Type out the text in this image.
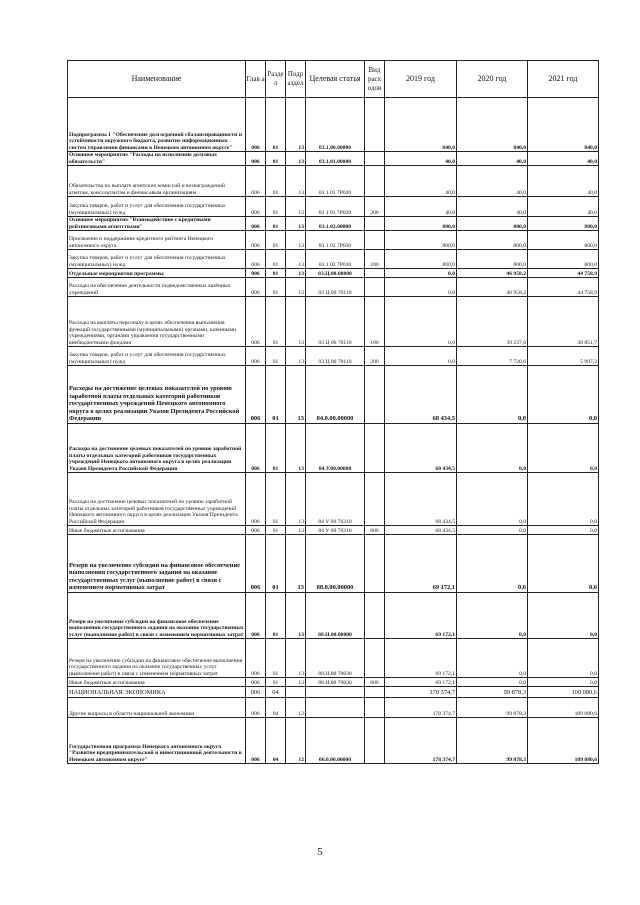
Наименование	Глав а	Разде л	Подр аздел	Целевая статья	Вид расх одов	2019 год	2020 год	2021 год
Подпрограмма 1 "Обеспечение долгосрочной сбалансированности и устойчивости окружного бюджета, развитие информационных систем управления финансами в Ненецком автономном округе"	006	01	13	03.1.00.00000		840,0	840,0	840,0
Основное мероприятие "Расходы на исполнение долговых обязательств"	006	01	13	03.1.01.00000		40,0	40,0	40,0
Обязательства по выплате агентских комиссий и вознаграждений агентам, консультантам и финансовым организациям	006	01	13	03 1 01 7Р020		40,0	40,0	40,0
Закупка товаров, работ и услуг для обеспечения государственных (муниципальных) нужд	006	01	13	03 1 01 7Р020	200	40,0	40,0	40,0
Основное мероприятие "Взаимодействие с кредитными рейтинговыми агентствами"	006	01	13	03.1.02.00000		800,0	800,0	800,0
Присвоение и поддержание кредитного рейтинга Ненецкого автономного округа	006	01	13	03 1 02 7Р030		800,0	800,0	800,0
Закупка товаров, работ и услуг для обеспечения государственных (муниципальных) нужд	006	01	13	03 1 02 7Р030	200	800,0	800,0	800,0
Отдельные мероприятия программы	006	01	13	03.Ц.00.00000		0,0	46 958,2	44 758,9
Расходы на обеспечение деятельности подведомственных казённых учреждений	006	01	13	03 Ц 00 70110		0,0	46 958,2	44 758,9
Расходы на выплаты персоналу в целях обеспечения выполнения функций государственными (муниципальными) органами, казенными учреждениями, органами управления государственными внебюджетными фондами	006	01	13	03 Ц 00 70110	100	0,0	39 237,6	38 851,7
Закупка товаров, работ и услуг для обеспечения государственных (муниципальных) нужд	006	01	13	03 Ц 00 70110	200	0,0	7 720,6	5 907,2
Расходы на достижение целевых показателей по уровню заработной платы отдельных категорий работников государственных учреждений Ненецкого автономного округа в целях реализации Указов Президента Российской Федерации	006	01	13	84.0.00.00000		68 434,5	0,0	0,0
Расходы на достижение целевых показателей по уровню заработной платы отдельных категорий работников государственных учреждений Ненецкого автономного округа в целях реализации Указов Президента Российской Федерации	006	01	13	84.У.00.00000		68 434,5	0,0	0,0
Расходы на достижение целевых показателей по уровню заработной платы отдельных категорий работников государственных учреждений Ненецкого автономного округа в целях реализации Указов Президента Российской Федерации	006	01	13	84 У 00 70210		68 434,5	0,0	0,0
Иные бюджетные ассигнования	006	01	13	84 У 00 70210	800	68 434,5	0,0	0,0
Резерв на увеличение субсидии на финансовое обеспечение выполнения государственного задания на оказание государственных услуг (выполнение работ) в связи с изменением нормативных затрат	006	01	13	88.0.00.00000		69 172,1	0,0	0,0
Резерв на увеличение субсидии на финансовое обеспечение выполнения государственного задания на оказание государственных услуг (выполнение работ) в связи с изменением нормативных затрат	006	01	13	88.Н.00.00000		69 172,1	0,0	0,0
Резерв на увеличение субсидии на финансовое обеспечение выполнения государственного задания на оказание государственных услуг (выполнение работ) в связи с изменением нормативных затрат	006	01	13	88.Н.00 70830		69 172,1	0,0	0,0
Иные бюджетные ассигнования	006	01	13	88.Н.00 70830	800	69 172,1	0,0	0,0
НАЦИОНАЛЬНАЯ ЭКОНОМИКА	006	04				178 374,7	99 878,3	109 080,6
Другие вопросы в области национальной экономики	006	04	12			178 374,7	99 878,3	109 080,6
Государственная программа Ненецкого автономного округа "Развитие предпринимательской и инвестиционной деятельности в Ненецком автономном округе"	006	04	12	06.0.00.00000		178 374,7	99 878,3	109 080,6
5
